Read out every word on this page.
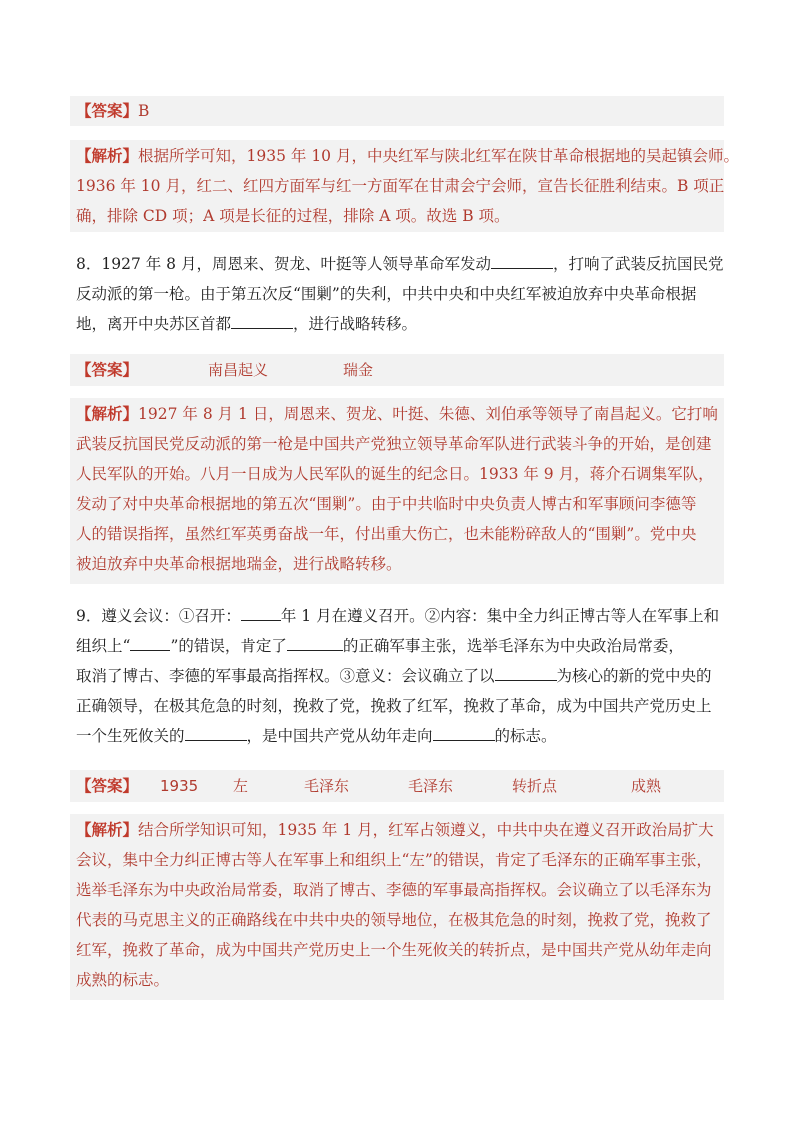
【答案】B
【解析】根据所学可知，1935 年 10 月，中央红军与陕北红军在陕甘革命根据地的吴起镇会师。
1936 年 10 月，红二、红四方面军与红一方面军在甘肃会宁会师，宣告长征胜利结束。B 项正
确，排除 CD 项；A 项是长征的过程，排除 A 项。故选 B 项。
8．1927 年 8 月，周恩来、贺龙、叶挺等人领导革命军发动	，打响了武装反抗国民党
反动派的第一枪。由于第五次反“围剿”的失利，中共中央和中央红军被迫放弃中央革命根据
地，离开中央苏区首都	，进行战略转移。
【答案】	南昌起义	瑞金
【解析】1927 年 8 月 1 日，周恩来、贺龙、叶挺、朱德、刘伯承等领导了南昌起义。它打响
武装反抗国民党反动派的第一枪是中国共产党独立领导革命军队进行武装斗争的开始，是创建
人民军队的开始。八月一日成为人民军队的诞生的纪念日。1933 年 9 月，蒋介石调集军队，
发动了对中央革命根据地的第五次“围剿”。由于中共临时中央负责人博古和军事顾问李德等
人的错误指挥，虽然红军英勇奋战一年，付出重大伤亡，也未能粉碎敌人的“围剿”。党中央
被迫放弃中央革命根据地瑞金，进行战略转移。
9．遵义会议：①召开：	年 1 月在遵义召开。②内容：集中全力纠正博古等人在军事上和
组织上“	”的错误，肯定了	的正确军事主张，选举毛泽东为中央政治局常委，
取消了博古、李德的军事最高指挥权。③意义：会议确立了以	为核心的新的党中央的
正确领导，在极其危急的时刻，挽救了党，挽救了红军，挽救了革命，成为中国共产党历史上
一个生死攸关的	，是中国共产党从幼年走向	的标志。
【答案】 1935 左	毛泽东	毛泽东	转折点	成熟
【解析】结合所学知识可知，1935 年 1 月，红军占领遵义，中共中央在遵义召开政治局扩大
会议，集中全力纠正博古等人在军事上和组织上“左”的错误，肯定了毛泽东的正确军事主张，
选举毛泽东为中央政治局常委，取消了博古、李德的军事最高指挥权。会议确立了以毛泽东为
代表的马克思主义的正确路线在中共中央的领导地位，在极其危急的时刻，挽救了党，挽救了
红军，挽救了革命，成为中国共产党历史上一个生死攸关的转折点，是中国共产党从幼年走向
成熟的标志。
